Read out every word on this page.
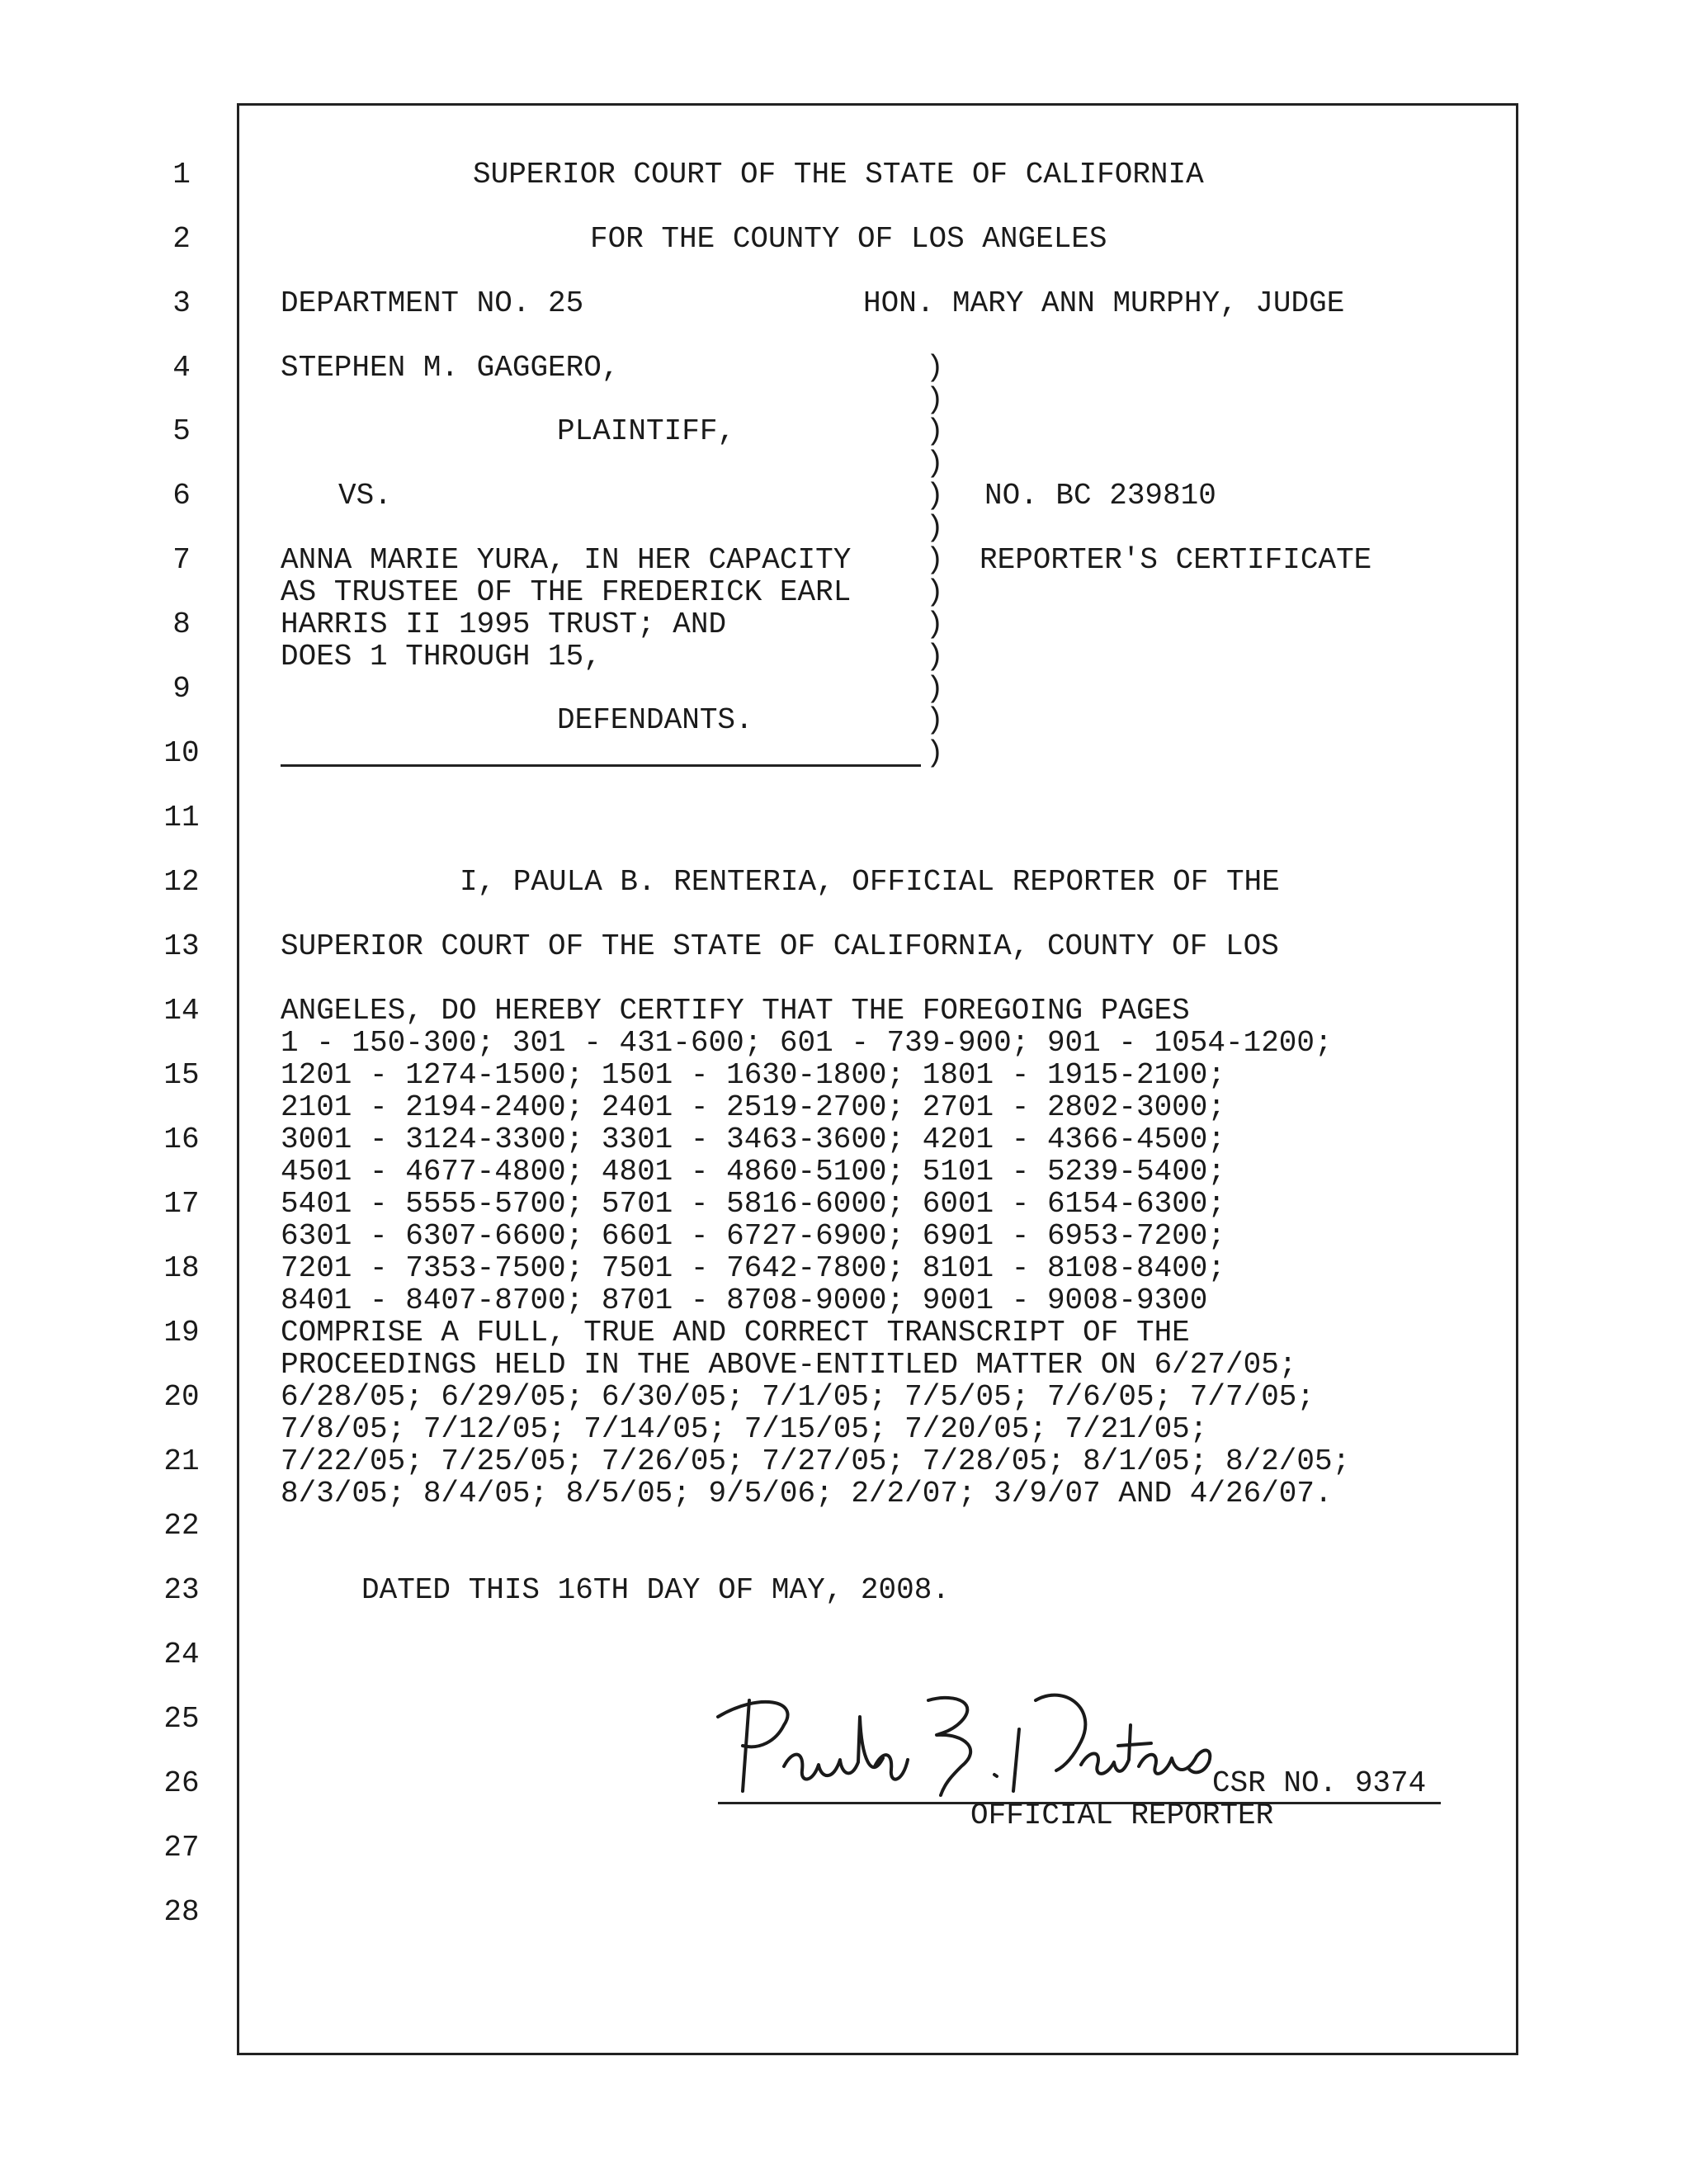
1
2
3
4
5
6
7
8
9
10
11
12
13
14
15
16
17
18
19
20
21
22
23
24
25
26
27
28
SUPERIOR COURT OF THE STATE OF CALIFORNIA
FOR THE COUNTY OF LOS ANGELES
DEPARTMENT NO. 25	HON. MARY ANN MURPHY, JUDGE
STEPHEN M. GAGGERO,
PLAINTIFF,
VS.
ANNA MARIE YURA, IN HER CAPACITY
AS TRUSTEE OF THE FREDERICK EARL
HARRIS II 1995 TRUST; AND
DOES 1 THROUGH 15,
DEFENDANTS.
)
)
)
)
)
)
)
)
)
)
)
)
)
NO. BC 239810
REPORTER'S CERTIFICATE
I, PAULA B. RENTERIA, OFFICIAL REPORTER OF THE
SUPERIOR COURT OF THE STATE OF CALIFORNIA, COUNTY OF LOS
ANGELES, DO HEREBY CERTIFY THAT THE FOREGOING PAGES
1 - 150-300; 301 - 431-600; 601 - 739-900; 901 - 1054-1200;
1201 - 1274-1500; 1501 - 1630-1800; 1801 - 1915-2100;
2101 - 2194-2400; 2401 - 2519-2700; 2701 - 2802-3000;
3001 - 3124-3300; 3301 - 3463-3600; 4201 - 4366-4500;
4501 - 4677-4800; 4801 - 4860-5100; 5101 - 5239-5400;
5401 - 5555-5700; 5701 - 5816-6000; 6001 - 6154-6300;
6301 - 6307-6600; 6601 - 6727-6900; 6901 - 6953-7200;
7201 - 7353-7500; 7501 - 7642-7800; 8101 - 8108-8400;
8401 - 8407-8700; 8701 - 8708-9000; 9001 - 9008-9300
COMPRISE A FULL, TRUE AND CORRECT TRANSCRIPT OF THE
PROCEEDINGS HELD IN THE ABOVE-ENTITLED MATTER ON 6/27/05;
6/28/05; 6/29/05; 6/30/05; 7/1/05; 7/5/05; 7/6/05; 7/7/05;
7/8/05; 7/12/05; 7/14/05; 7/15/05; 7/20/05; 7/21/05;
7/22/05; 7/25/05; 7/26/05; 7/27/05; 7/28/05; 8/1/05; 8/2/05;
8/3/05; 8/4/05; 8/5/05; 9/5/06; 2/2/07; 3/9/07 AND 4/26/07.
DATED THIS 16TH DAY OF MAY, 2008.
CSR NO. 9374
OFFICIAL REPORTER
